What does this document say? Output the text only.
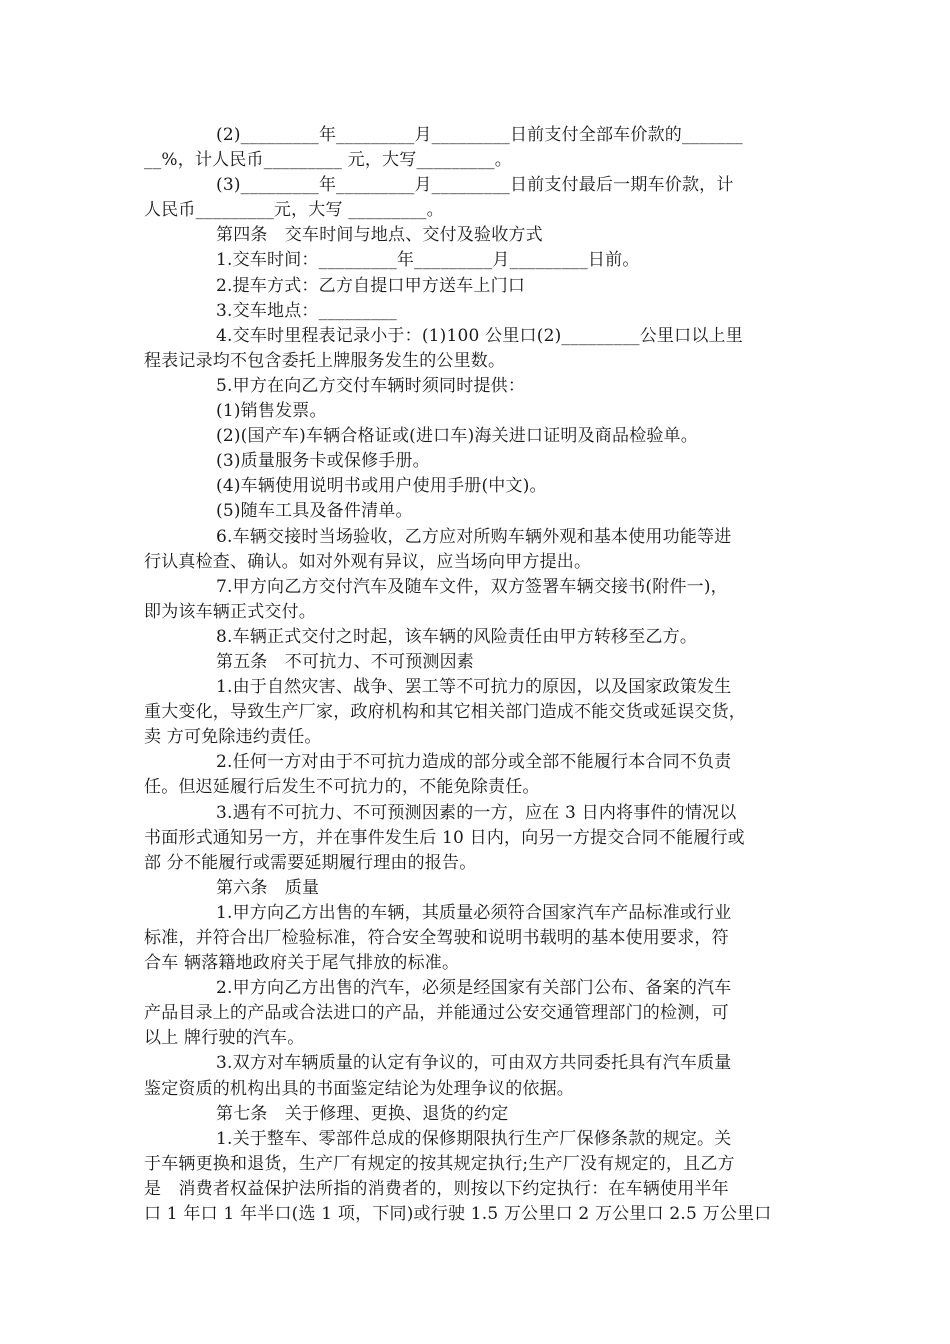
(2)_________年_________月_________日前支付全部车价款的_______
__%，计人民币_________ 元，大写_________。
(3)_________年_________月_________日前支付最后一期车价款，计
人民币_________元，大写 _________。
第四条　交车时间与地点、交付及验收方式
1.交车时间：_________年_________月_________日前。
2.提车方式：乙方自提口甲方送车上门口
3.交车地点：_________
4.交车时里程表记录小于：(1)100 公里口(2)_________公里口以上里
程表记录均不包含委托上牌服务发生的公里数。
5.甲方在向乙方交付车辆时须同时提供：
(1)销售发票。
(2)(国产车)车辆合格证或(进口车)海关进口证明及商品检验单。
(3)质量服务卡或保修手册。
(4)车辆使用说明书或用户使用手册(中文)。
(5)随车工具及备件清单。
6.车辆交接时当场验收，乙方应对所购车辆外观和基本使用功能等进
行认真检查、确认。如对外观有异议，应当场向甲方提出。
7.甲方向乙方交付汽车及随车文件，双方签署车辆交接书(附件一)，
即为该车辆正式交付。
8.车辆正式交付之时起，该车辆的风险责任由甲方转移至乙方。
第五条　不可抗力、不可预测因素
1.由于自然灾害、战争、罢工等不可抗力的原因，以及国家政策发生
重大变化，导致生产厂家，政府机构和其它相关部门造成不能交货或延误交货，
卖 方可免除违约责任。
2.任何一方对由于不可抗力造成的部分或全部不能履行本合同不负责
任。但迟延履行后发生不可抗力的，不能免除责任。
3.遇有不可抗力、不可预测因素的一方，应在 3 日内将事件的情况以
书面形式通知另一方，并在事件发生后 10 日内，向另一方提交合同不能履行或
部 分不能履行或需要延期履行理由的报告。
第六条　质量
1.甲方向乙方出售的车辆，其质量必须符合国家汽车产品标准或行业
标准，并符合出厂检验标准，符合安全驾驶和说明书载明的基本使用要求，符
合车 辆落籍地政府关于尾气排放的标准。
2.甲方向乙方出售的汽车，必须是经国家有关部门公布、备案的汽车
产品目录上的产品或合法进口的产品，并能通过公安交通管理部门的检测，可
以上 牌行驶的汽车。
3.双方对车辆质量的认定有争议的，可由双方共同委托具有汽车质量
鉴定资质的机构出具的书面鉴定结论为处理争议的依据。
第七条　关于修理、更换、退货的约定
1.关于整车、零部件总成的保修期限执行生产厂保修条款的规定。关
于车辆更换和退货，生产厂有规定的按其规定执行;生产厂没有规定的，且乙方
是　消费者权益保护法所指的消费者的，则按以下约定执行：在车辆使用半年
口 1 年口 1 年半口(选 1 项，下同)或行驶 1.5 万公里口 2 万公里口 2.5 万公里口
